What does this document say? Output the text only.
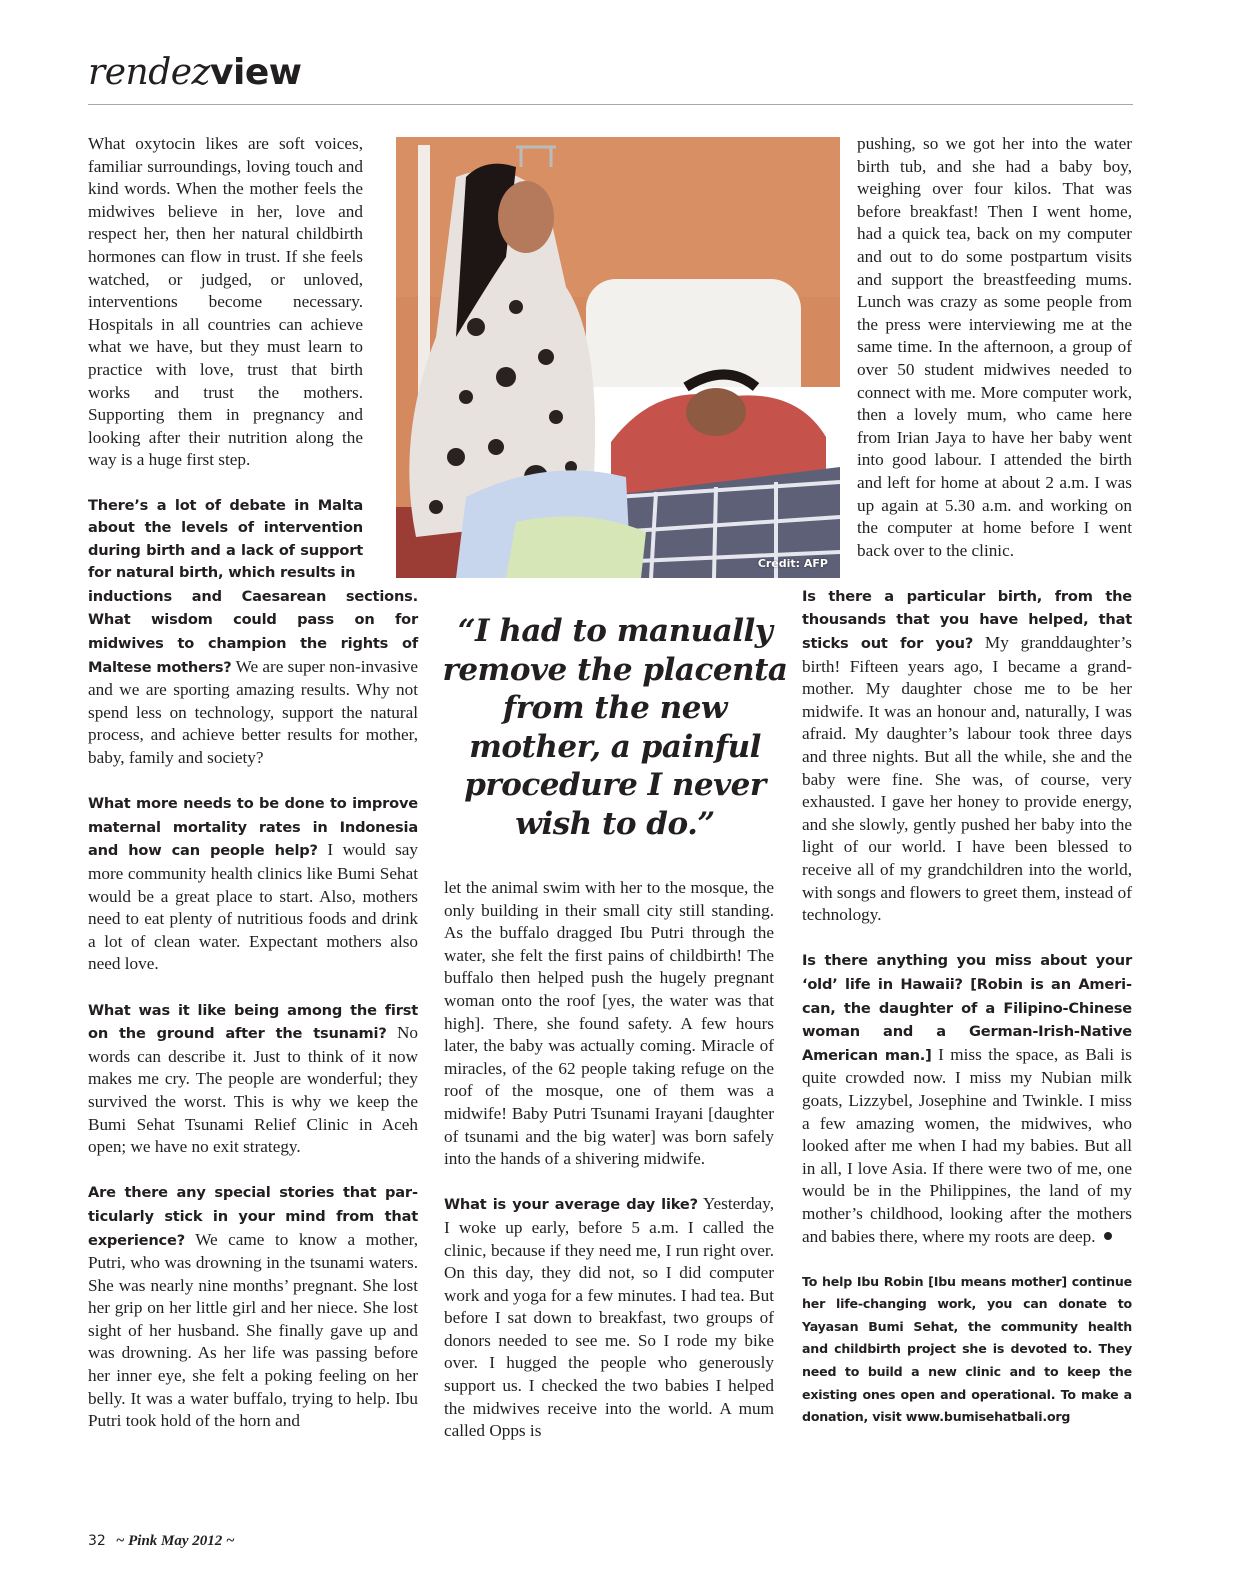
rendezview

What oxytocin likes are soft voices, familiar surroundings, loving touch and kind words. When the mother feels the midwives believe in her, love and respect her, then her natural childbirth hormones can flow in trust. If she feels watched, or judged, or unloved, interventions become necessary. Hospitals in all countries can achieve what we have, but they must learn to practice with love, trust that birth works and trust the mothers. Supporting them in pregnancy and looking after their nutrition along the way is a huge first step.

There’s a lot of debate in Malta about the levels of intervention during birth and a lack of support for natural birth, which results in
inductions and Caesarean sections. What wisdom could pass on for midwives to champion the rights of Maltese mothers? We are super non-invasive and we are sporting amazing results. Why not spend less on technology, support the natural process, and achieve better results for mother, baby, family and society?

What more needs to be done to improve maternal mortality rates in Indonesia and how can people help? I would say more community health clinics like Bumi Sehat would be a great place to start. Also, mothers need to eat plenty of nutritious foods and drink a lot of clean water. Expectant mothers also need love.

What was it like being among the first on the ground after the tsunami? No words can describe it. Just to think of it now makes me cry. The people are wonderful; they survived the worst. This is why we keep the Bumi Sehat Tsunami Relief Clinic in Aceh open; we have no exit strategy.

Are there any special stories that particularly stick in your mind from that experience? We came to know a mother, Putri, who was drowning in the tsunami waters. She was nearly nine months’ pregnant. She lost her grip on her little girl and her niece. She lost sight of her husband. She finally gave up and was drowning. As her life was passing before her inner eye, she felt a poking feeling on her belly. It was a water buffalo, trying to help. Ibu Putri took hold of the horn and

Credit: AFP
“I had to manually remove the placenta from the new mother, a painful procedure I never wish to do.”

let the animal swim with her to the mosque, the only building in their small city still standing. As the buffalo dragged Ibu Putri through the water, she felt the first pains of childbirth! The buffalo then helped push the hugely pregnant woman onto the roof [yes, the water was that high]. There, she found safety. A few hours later, the baby was actually coming. Miracle of miracles, of the 62 people taking refuge on the roof of the mosque, one of them was a midwife! Baby Putri Tsunami Irayani [daughter of tsunami and the big water] was born safely into the hands of a shivering midwife.

What is your average day like? Yesterday, I woke up early, before 5 a.m. I called the clinic, because if they need me, I run right over. On this day, they did not, so I did computer work and yoga for a few minutes. I had tea. But before I sat down to breakfast, two groups of donors needed to see me. So I rode my bike over. I hugged the people who generously support us. I checked the two babies I helped the midwives receive into the world. A mum called Opps is

pushing, so we got her into the water birth tub, and she had a baby boy, weighing over four kilos. That was before breakfast! Then I went home, had a quick tea, back on my computer and out to do some postpartum visits and support the breastfeeding mums. Lunch was crazy as some people from the press were interviewing me at the same time. In the afternoon, a group of over 50 student midwives needed to connect with me. More computer work, then a lovely mum, who came here from Irian Jaya to have her baby went into good labour. I attended the birth and left for home at about 2 a.m. I was up again at 5.30 a.m. and working on the computer at home before I went back over to the clinic.

Is there a particular birth, from the thousands that you have helped, that sticks out for you? My granddaughter’s birth! Fifteen years ago, I became a grandmother. My daughter chose me to be her midwife. It was an honour and, naturally, I was afraid. My daughter’s labour took three days and three nights. But all the while, she and the baby were fine. She was, of course, very exhausted. I gave her honey to provide energy, and she slowly, gently pushed her baby into the light of our world. I have been blessed to receive all of my grandchildren into the world, with songs and flowers to greet them, instead of technology.

Is there anything you miss about your ‘old’ life in Hawaii? [Robin is an American, the daughter of a Filipino-Chinese woman and a German-Irish-Native American man.] I miss the space, as Bali is quite crowded now. I miss my Nubian milk goats, Lizzybel, Josephine and Twinkle. I miss a few amazing women, the midwives, who looked after me when I had my babies. But all in all, I love Asia. If there were two of me, one would be in the Philippines, the land of my mother’s childhood, looking after the mothers and babies there, where my roots are deep.

To help Ibu Robin [Ibu means mother] continue her life-changing work, you can donate to Yayasan Bumi Sehat, the community health and childbirth project she is devoted to. They need to build a new clinic and to keep the existing ones open and operational. To make a donation, visit www.bumisehatbali.org

32 ~ Pink May 2012 ~
